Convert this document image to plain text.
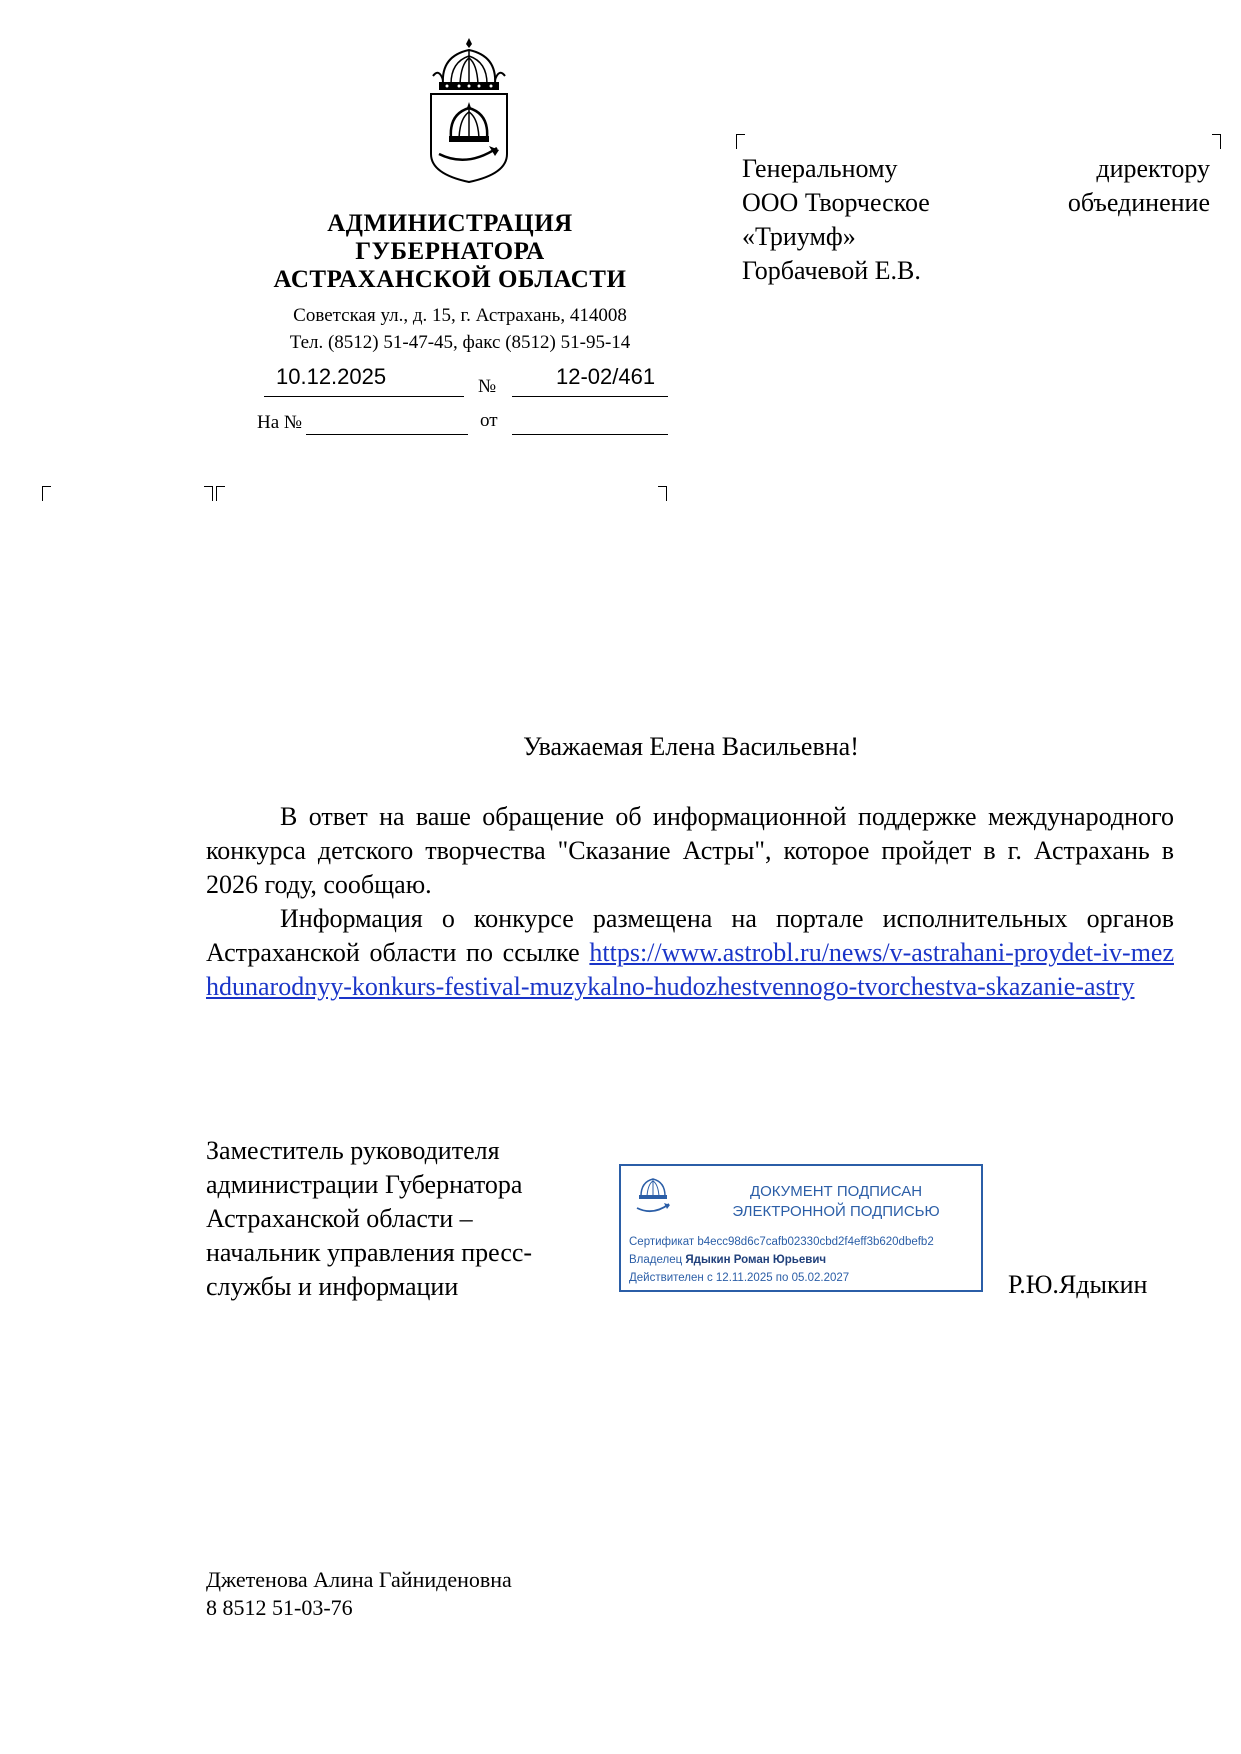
АДМИНИСТРАЦИЯ
ГУБЕРНАТОРА
АСТРАХАНСКОЙ ОБЛАСТИ
Советская ул., д. 15, г. Астрахань, 414008
Тел. (8512) 51-47-45, факс (8512) 51-95-14
10.12.2025	№	12-02/461
На №	от
Генеральному	директору
ООО Творческое	объединение
«Триумф»
Горбачевой Е.В.
Уважаемая Елена Васильевна!

В ответ на ваше обращение об информационной поддержке международного конкурса детского творчества "Сказание Астры", которое пройдет в г. Астрахань в 2026 году, сообщаю.

Информация о конкурсе размещена на портале исполнительных органов Астраханской области по ссылке https://www.astrobl.ru/news/v-astrahani-proydet-iv-mezhdunarodnyy-konkurs-festival-muzykalno-hudozhestvennogo-tvorchestva-skazanie-astry

Заместитель руководителя
администрации Губернатора
Астраханской области –
начальник управления пресс-
службы и информации
ДОКУМЕНТ ПОДПИСАН
ЭЛЕКТРОННОЙ ПОДПИСЬЮ
Сертификат b4ecc98d6c7cafb02330cbd2f4eff3b620dbefb2
Владелец Ядыкин Роман Юрьевич
Действителен с 12.11.2025 по 05.02.2027	Р.Ю.Ядыкин
Джетенова Алина Гайниденовна
8 8512 51-03-76
